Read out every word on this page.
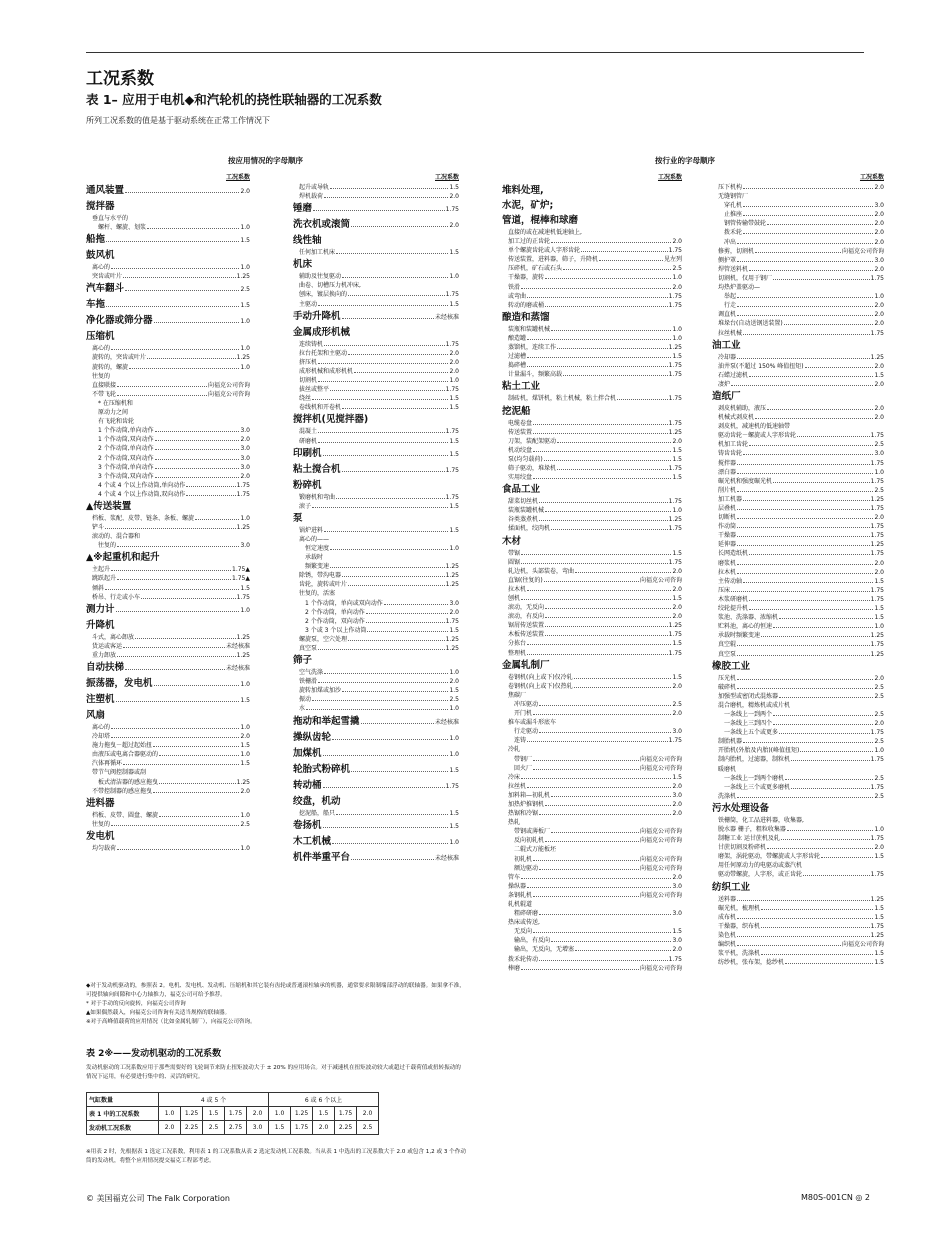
工况系数
表 1– 应用于电机◆和汽轮机的挠性联轴器的工况系数
所列工况系数的值是基于驱动系统在正常工作情况下
按应用情况的字母顺序	按行业的字母顺序
工况系数
通风装置	2.0
搅拌器
垂直与水平的
螺杆、螺旋、划浆	1.0
船拖	1.5
鼓风机
离心的	1.0
突齿或叶片	1.25
汽车翻斗	2.5
车拖	1.5
净化器或筛分器	1.0
压缩机
离心的	1.0
旋转的，突齿或叶片	1.25
旋转的，螺旋	1.0
往复的
直接联接	向福克公司咨询
不带飞轮	向福克公司咨询
* 在压缩机和
原动力之间
有飞轮和齿轮
1 个作动筒,单向动作	3.0
1 个作动筒,双向动作	2.0
2 个作动筒,单向动作	3.0
2 个作动筒,双向动作	3.0
3 个作动筒,单向动作	3.0
3 个作动筒,双向动作	2.0
4 个或 4 个以上作动筒,单向动作	1.75
4 个或 4 个以上作动筒,双向动作	1.75
▲传送装置
档板、浆配、皮带、链条、条板、螺旋	1.0
铲斗	1.25
滚动的、混合器和
往复的	3.0
▲※起重机和起升
主起升	1.75▲
跳跃起升	1.75▲
倾斜	1.5
桥吊、行走或小车	1.75
测力计	1.0
升降机
斗式，离心卸放	1.25
货运或客运	未经核准
重力卸放	1.25
自动扶梯	未经核准
振荡器，发电机	1.0
注塑机	1.5
风扇
离心的	1.0
冷却塔	2.0
施力拖曳－超过起始扭	1.5
由液压或电离合器驱动的	1.0
汽体再循环	1.5
带节气阀控制器或刮
板式清洁器的感应拖曳	1.25
不带控制器的感应拖曳	2.0
进料器
档板、皮带、圆盘、螺旋	1.0
往复的	2.5
发电机
均匀载荷	1.0
工况系数
起升或导轨	1.5
焊机载荷	2.0
锤磨	1.75
洗衣机或滚筒	2.0
线性轴
任何加工机床	1.5
机床
辅助及往复驱动	1.0
曲卷、切槽压力机冲床,
刨床，镀层换向的	1.75
主驱动	1.5
手动升降机	未经核准
金属成形机械
连续铸机	1.75
拉台托架和主驱动	2.0
挤压机	2.0
成形机械和成形机机	2.0
切割机	1.0
拔丝或整平	1.75
绕丝	1.5
卷线机和开卷机	1.5
搅拌机(见搅拌器)
混凝土	1.75
研磨机	1.5
印刷机	1.5
粘土搅合机	1.75
粉碎机
锻磨机和弯曲	1.75
滚子	1.5
泵
锅炉进料	1.5
离心的——
恒定速度	1.0
承载时
频繁变速	1.25
除锈，带沟电器	1.25
齿轮，旋转或叶片	1.25
往复的，活塞
1 个作动筒，单向或双向动作	3.0
2 个作动筒，单向动作	2.0
2 个作动筒，双向动作	1.75
3 个或 3 个以上作动筒	1.5
螺旋泵，空穴处理	1.25
真空泵	1.25
筛子
空气洗涤	1.0
铁栅滑	2.0
旋转加煤或加沙	1.5
振动	2.5
水	1.0
拖动和举起雪撬	未经核准
操纵齿轮	1.0
加煤机	1.0
轮胎式粉碎机	1.5
转动桶	1.75
绞盘，机动
挖泥船，船只	1.5
卷扬机	1.5
木工机械	1.0
机件举重平台	未经核准
工况系数
堆料处理,
水泥，矿炉;
管道，棍棒和球磨
直接的或在减速机低速轴上,
加工过的正齿轮	2.0
单个螺旋齿轮或人字形齿轮	1.75
传送装置，进料器，筛子，升降机	见左列
压碎机，矿石或石头	2.5
干燥器，旋转	1.0
铁滑	2.0
或弯曲	1.75
转动的磨或桶	1.75
酿造和蒸馏
装瓶和装罐机械	1.0
酿造罐	1.0
蒸馏机，连续工作	1.25
过滤槽	1.5
捣碎槽	1.75
计量漏斗，频繁高载	1.75
粘土工业
制砖机，煤饼机，粘土机械，粘土拌合机	1.75
挖泥船
电缆卷盘	1.75
传送装置	1.25
刀架，装配架驱动	2.0
机动绞盘	1.5
泵(均匀载荷)	1.5
筛子驱动，堆垛机	1.75
实用绞盘	1.5
食品工业
甜菜切丝机	1.75
装瓶装罐机械	1.0
谷类蒸煮机	1.25
揉面机，绞肉机	1.75
木材
带锯	1.5
圆锯	1.75
轧边机，头部装卷，弯曲	2.0
直锯(往复的)	向福克公司咨询
拉木机	2.0
刨机	1.5
滚动，无反向	2.0
滚动，有反向	2.0
锯屑传送装置	1.25
木板传送装置	1.75
分拣台	1.5
整理机	1.75
金属轧制厂
卷钢机(向上或下)仅冷轧	1.5
卷钢机(向上或下)仅热轧	2.0
焦碳厂
冲压驱动	2.5
开门机	2.0
推车或漏斗形底车
行走驱动	3.0
连铸	1.75
冷轧
带钢厂	向福克公司咨询
回火厂	向福克公司咨询
冷床	1.5
拉丝机	2.0
加料箱—初轧机	3.0
加热炉推钢机	2.0
热锯和冷锯	2.0
热轧
带钢或薄板厂	向福克公司咨询
反向初轧机	向福克公司咨询
二辊式万能板坯
初轧机	向福克公司咨询
额边驱动	向福克公司咨询
管车	2.0
操纵器	3.0
条钢轧机	向福克公司咨询
轧机辊道
粗碎研磨	3.0
热床或传送,
无反向	1.5
输出，有反向	3.0
输出，无反向，无增塞	2.0
拨禾轮传动	1.75
棒磨	向福克公司咨询
工况系数
压下机构	2.0
无缝钢管厂
穿孔机	3.0
止推座	2.0
钢管传输带鼓轮	2.0
拨禾轮	2.0
冲出	2.0
修剪，切割机	向福克公司咨询
侧护罩	3.0
焊管送料机	2.0
切割机，仅用于钢厂	1.75
均热炉盖驱动—
举起	1.0
行走	2.0
调直机	2.0
堆垛台(自动送钢送装置)	2.0
拉丝机械	1.75
油工业
冷却器	1.25
油井泵(不超过 150% 峰值扭矩)	2.0
石蜡过滤机	1.5
凄炉	2.0
造纸厂
剥皮机辅助，液压	2.0
机械式剥皮机	2.0
剥皮机，减速机的低速轴带
驱动齿轮－螺旋或人字形齿轮	1.75
机加工齿轮	2.5
铸齿齿轮	3.0
搅拌器	1.75
漂白器	1.0
碾光机和强度碾光机	1.75
削片机	2.5
加工机器	1.25
层叠机	1.75
切断机	2.0
作动筒	1.75
干燥器	1.75
延伸器	1.25
长网造纸机	1.75
磨浆机	2.0
拉木机	2.0
主传动轴	1.5
压床	1.75
木浆研磨机	1.75
绞轮提升机	1.5
浆池、洗涤器、浓缩机	1.5
贮料池，离心的恒速	1.0
承载时频繁变速	1.25
真空辊	1.75
真空泵	1.25
橡胶工业
压光机	2.0
破碎机	2.5
加强型或密闭式混炼器	2.5
混合磨机，精炼机或成片机
一条线上一到两个	2.5
一条线上三到四个	2.0
一条线上五个或更多	1.75
制胎机器	2.5
开胎机(外胎及内胎)(峰值扭矩)	1.0
制内胎机，过滤器，制粒机	1.75
暖磨机
一条线上一到两个磨机	2.5
一条线上三个或更多磨机	1.75
洗涤机	2.5
污水处理设备
铁栅筒，化工品进料器，收集器,
脱水器 栅子，粗粒收集器	1.0
制糖工业 运甘蔗机及轧	1.75
甘蔗切割及粉碎机	2.0
磨架，涡轮驱动，带螺旋或人字形齿轮	1.5
用任何原动力的电驱动或蒸汽机
驱动带螺旋，人字形，或正齿轮	1.75
纺织工业
送料器	1.25
碾光机，梳理机	1.5
成布机	1.5
干燥器，织布机	1.75
染色机	1.25
编织机	向福克公司咨询
浆平机，洗涤机	1.5
纺纱机，张布架，捻纱机	1.5
◆对于发动机驱动的，参照表 2。电机、发电机、发动机、压缩机和其它装有齿轮或普通滚柱轴承的机器，通常要求限制端部浮动的联轴器。如果拿不准，可提供轴向间隙和中心力轴推力，福克公司可给予推荐。
* 对于手动的反向旋转，向福克公司咨询
▲如果偶然载入，向福克公司咨询有关适当规格的联轴器。
※对于高峰值载荷的应用情况（比如金属轧制厂），向福克公司咨询。
表 2※——发动机驱动的工况系数
发动机驱动的工况系数应用于那些需要好的飞轮调节来防止扭矩波动大于 ± 20% 的应用场合。对于减速机在扭矩波动较大或超过千载荷值或扭转振动的情况下运用，有必要进行集中的、灵活的研究。
气缸数量	4 或 5 个					6 或 6 个以上				
表 1 中的工况系数	1.0	1.25	1.5	1.75	2.0	1.0	1.25	1.5	1.75	2.0
发动机工况系数	2.0	2.25	2.5	2.75	3.0	1.5	1.75	2.0	2.25	2.5
※用表 2 时，先根据表 1 选定工况系数，利用表 1 的工况系数从表 2 选定发动机工况系数。当从表 1 中选出的工况系数大于 2.0 或包含 1,2 或 3 个作动筒的发动机，将整个应用情况提交福克工程部考虑。
© 美国福克公司 The Falk Corporation	M80S-001CN ◎ 2
